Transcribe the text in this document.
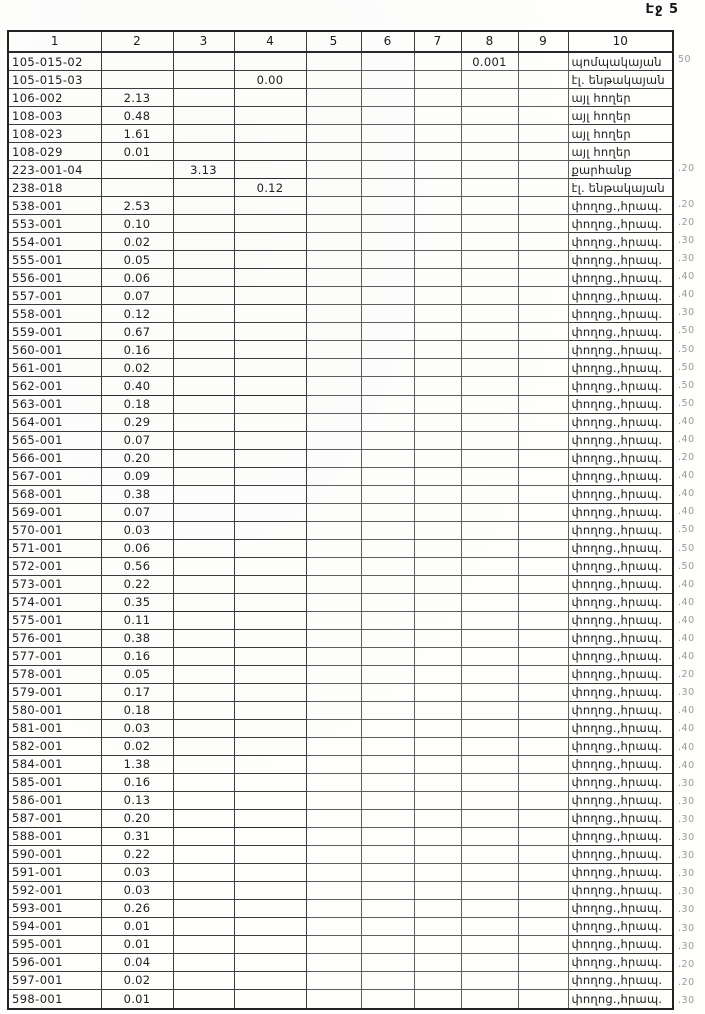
Էջ 5
1	2	3	4	5	6	7	8	9	10
105-015-02							0.001		պոմպակայան
105-015-03			0.00						էլ. ենթակայան
106-002	2.13								այլ հողեր
108-003	0.48								այլ հողեր
108-023	1.61								այլ հողեր
108-029	0.01								այլ հողեր
223-001-04		3.13							քարհանք
238-018			0.12						էլ. ենթակայան
538-001	2.53								փողոց.,հրապ.
553-001	0.10								փողոց.,հրապ.
554-001	0.02								փողոց.,հրապ.
555-001	0.05								փողոց.,հրապ.
556-001	0.06								փողոց.,հրապ.
557-001	0.07								փողոց.,հրապ.
558-001	0.12								փողոց.,հրապ.
559-001	0.67								փողոց.,հրապ.
560-001	0.16								փողոց.,հրապ.
561-001	0.02								փողոց.,հրապ.
562-001	0.40								փողոց.,հրապ.
563-001	0.18								փողոց.,հրապ.
564-001	0.29								փողոց.,հրապ.
565-001	0.07								փողոց.,հրապ.
566-001	0.20								փողոց.,հրապ.
567-001	0.09								փողոց.,հրապ.
568-001	0.38								փողոց.,հրապ.
569-001	0.07								փողոց.,հրապ.
570-001	0.03								փողոց.,հրապ.
571-001	0.06								փողոց.,հրապ.
572-001	0.56								փողոց.,հրապ.
573-001	0.22								փողոց.,հրապ.
574-001	0.35								փողոց.,հրապ.
575-001	0.11								փողոց.,հրապ.
576-001	0.38								փողոց.,հրապ.
577-001	0.16								փողոց.,հրապ.
578-001	0.05								փողոց.,հրապ.
579-001	0.17								փողոց.,հրապ.
580-001	0.18								փողոց.,հրապ.
581-001	0.03								փողոց.,հրապ.
582-001	0.02								փողոց.,հրապ.
584-001	1.38								փողոց.,հրապ.
585-001	0.16								փողոց.,հրապ.
586-001	0.13								փողոց.,հրապ.
587-001	0.20								փողոց.,հրապ.
588-001	0.31								փողոց.,հրապ.
590-001	0.22								փողոց.,հրապ.
591-001	0.03								փողոց.,հրապ.
592-001	0.03								փողոց.,հրապ.
593-001	0.26								փողոց.,հրապ.
594-001	0.01								փողոց.,հրապ.
595-001	0.01								փողոց.,հրապ.
596-001	0.04								փողոց.,հրապ.
597-001	0.02								փողոց.,հրապ.
598-001	0.01								փողոց.,հրապ.
50
.20
.20
.20
.30
.30
.40
.40
.30
.50
.50
.50
.50
.50
.40
.40
.20
.40
.40
.40
.50
.50
.50
.40
.40
.40
.40
.40
.20
.30
.40
.40
.40
.40
.30
.30
.30
.30
.30
.30
.30
.30
.30
.30
.20
.20
.30
